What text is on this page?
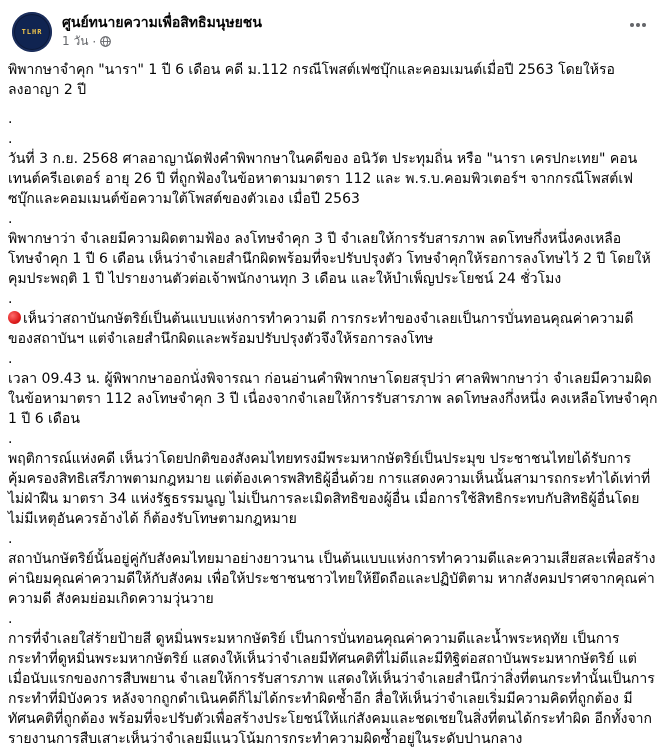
TLHR
ศูนย์ทนายความเพื่อสิทธิมนุษยชน
1 วัน ·

พิพากษาจำคุก "นารา" 1 ปี 6 เดือน คดี ม.112 กรณีโพสต์เฟซบุ๊กและคอมเมนต์เมื่อปี 2563 โดยให้รอลงอาญา 2 ปี

.

.

วันที่ 3 ก.ย. 2568 ศาลอาญานัดฟังคำพิพากษาในคดีของ อนิวัต ประทุมถิ่น หรือ "นารา เครปกะเทย" คอนเทนต์ครีเอเตอร์ อายุ 26 ปี ที่ถูกฟ้องในข้อหาตามมาตรา 112 และ พ.ร.บ.คอมพิวเตอร์ฯ จากกรณีโพสต์เฟซบุ๊กและคอมเมนต์ข้อความใต้โพสต์ของตัวเอง เมื่อปี 2563

.

พิพากษาว่า จำเลยมีความผิดตามฟ้อง ลงโทษจำคุก 3 ปี จำเลยให้การรับสารภาพ ลดโทษกึ่งหนึ่งคงเหลือโทษจำคุก 1 ปี 6 เดือน เห็นว่าจำเลยสำนึกผิดพร้อมที่จะปรับปรุงตัว โทษจำคุกให้รอการลงโทษไว้ 2 ปี โดยให้คุมประพฤติ 1 ปี ไปรายงานตัวต่อเจ้าพนักงานทุก 3 เดือน และให้บำเพ็ญประโยชน์ 24 ชั่วโมง

.

เห็นว่าสถาบันกษัตริย์เป็นต้นแบบแห่งการทำความดี การกระทำของจำเลยเป็นการบั่นทอนคุณค่าความดีของสถาบันฯ แต่จำเลยสำนึกผิดและพร้อมปรับปรุงตัวจึงให้รอการลงโทษ

.

เวลา 09.43 น. ผู้พิพากษาออกนั่งพิจารณา ก่อนอ่านคำพิพากษาโดยสรุปว่า ศาลพิพากษาว่า จำเลยมีความผิดในข้อหามาตรา 112 ลงโทษจำคุก 3 ปี เนื่องจากจำเลยให้การรับสารภาพ ลดโทษลงกึ่งหนึ่ง คงเหลือโทษจำคุก 1 ปี 6 เดือน

.

พฤติการณ์แห่งคดี เห็นว่าโดยปกติของสังคมไทยทรงมีพระมหากษัตริย์เป็นประมุข ประชาชนไทยได้รับการคุ้มครองสิทธิเสรีภาพตามกฎหมาย แต่ต้องเคารพสิทธิผู้อื่นด้วย การแสดงความเห็นนั้นสามารถกระทำได้เท่าที่ไม่ฝ่าฝืน มาตรา 34 แห่งรัฐธรรมนูญ ไม่เป็นการละเมิดสิทธิของผู้อื่น เมื่อการใช้สิทธิกระทบกับสิทธิผู้อื่นโดยไม่มีเหตุอันควรอ้างได้ ก็ต้องรับโทษตามกฎหมาย

.

สถาบันกษัตริย์นั้นอยู่คู่กับสังคมไทยมาอย่างยาวนาน เป็นต้นแบบแห่งการทำความดีและความเสียสละเพื่อสร้างค่านิยมคุณค่าความดีให้กับสังคม เพื่อให้ประชาชนชาวไทยให้ยึดถือและปฏิบัติตาม หากสังคมปราศจากคุณค่าความดี สังคมย่อมเกิดความวุ่นวาย

.

การที่จำเลยใส่ร้ายป้ายสี ดูหมิ่นพระมหากษัตริย์ เป็นการบั่นทอนคุณค่าความดีและน้ำพระหฤทัย เป็นการกระทำที่ดูหมิ่นพระมหากษัตริย์ แสดงให้เห็นว่าจำเลยมีทัศนคติที่ไม่ดีและมีทิฐิต่อสถาบันพระมหากษัตริย์ แต่เมื่อนับแรกของการสืบพยาน จำเลยให้การรับสารภาพ แสดงให้เห็นว่าจำเลยสำนึกว่าสิ่งที่ตนกระทำนั้นเป็นการกระทำที่มิบังควร หลังจากถูกดำเนินคดีก็ไม่ได้กระทำผิดซ้ำอีก สื่อให้เห็นว่าจำเลยเริ่มมีความคิดที่ถูกต้อง มีทัศนคติที่ถูกต้อง พร้อมที่จะปรับตัวเพื่อสร้างประโยชน์ให้แก่สังคมและชดเชยในสิ่งที่ตนได้กระทำผิด อีกทั้งจากรายงานการสืบเสาะเห็นว่าจำเลยมีแนวโน้มการกระทำความผิดซ้ำอยู่ในระดับปานกลาง
